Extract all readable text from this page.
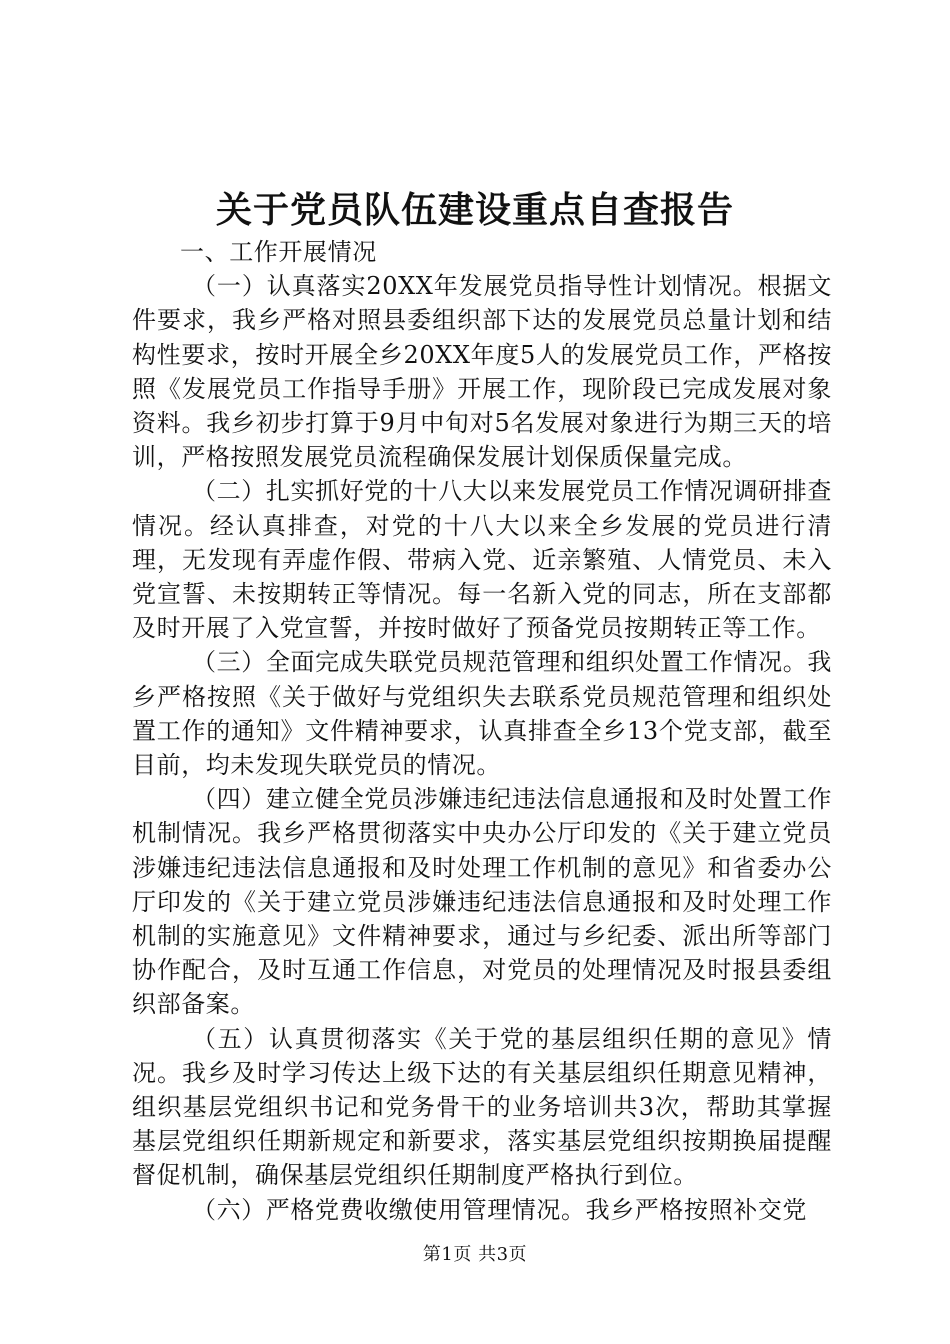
关于党员队伍建设重点自查报告

一、工作开展情况

（一）认真落实20XX年发展党员指导性计划情况。根据文件要求，我乡严格对照县委组织部下达的发展党员总量计划和结构性要求，按时开展全乡20XX年度5人的发展党员工作，严格按照《发展党员工作指导手册》开展工作，现阶段已完成发展对象资料。我乡初步打算于9月中旬对5名发展对象进行为期三天的培训，严格按照发展党员流程确保发展计划保质保量完成。

（二）扎实抓好党的十八大以来发展党员工作情况调研排查情况。经认真排查，对党的十八大以来全乡发展的党员进行清理，无发现有弄虚作假、带病入党、近亲繁殖、人情党员、未入党宣誓、未按期转正等情况。每一名新入党的同志，所在支部都及时开展了入党宣誓，并按时做好了预备党员按期转正等工作。

（三）全面完成失联党员规范管理和组织处置工作情况。我乡严格按照《关于做好与党组织失去联系党员规范管理和组织处置工作的通知》文件精神要求，认真排查全乡13个党支部，截至目前，均未发现失联党员的情况。

（四）建立健全党员涉嫌违纪违法信息通报和及时处置工作机制情况。我乡严格贯彻落实中央办公厅印发的《关于建立党员涉嫌违纪违法信息通报和及时处理工作机制的意见》和省委办公厅印发的《关于建立党员涉嫌违纪违法信息通报和及时处理工作机制的实施意见》文件精神要求，通过与乡纪委、派出所等部门协作配合，及时互通工作信息，对党员的处理情况及时报县委组织部备案。

（五）认真贯彻落实《关于党的基层组织任期的意见》情况。我乡及时学习传达上级下达的有关基层组织任期意见精神，组织基层党组织书记和党务骨干的业务培训共3次，帮助其掌握基层党组织任期新规定和新要求，落实基层党组织按期换届提醒督促机制，确保基层党组织任期制度严格执行到位。

（六）严格党费收缴使用管理情况。我乡严格按照补交党

第1页 共3页
